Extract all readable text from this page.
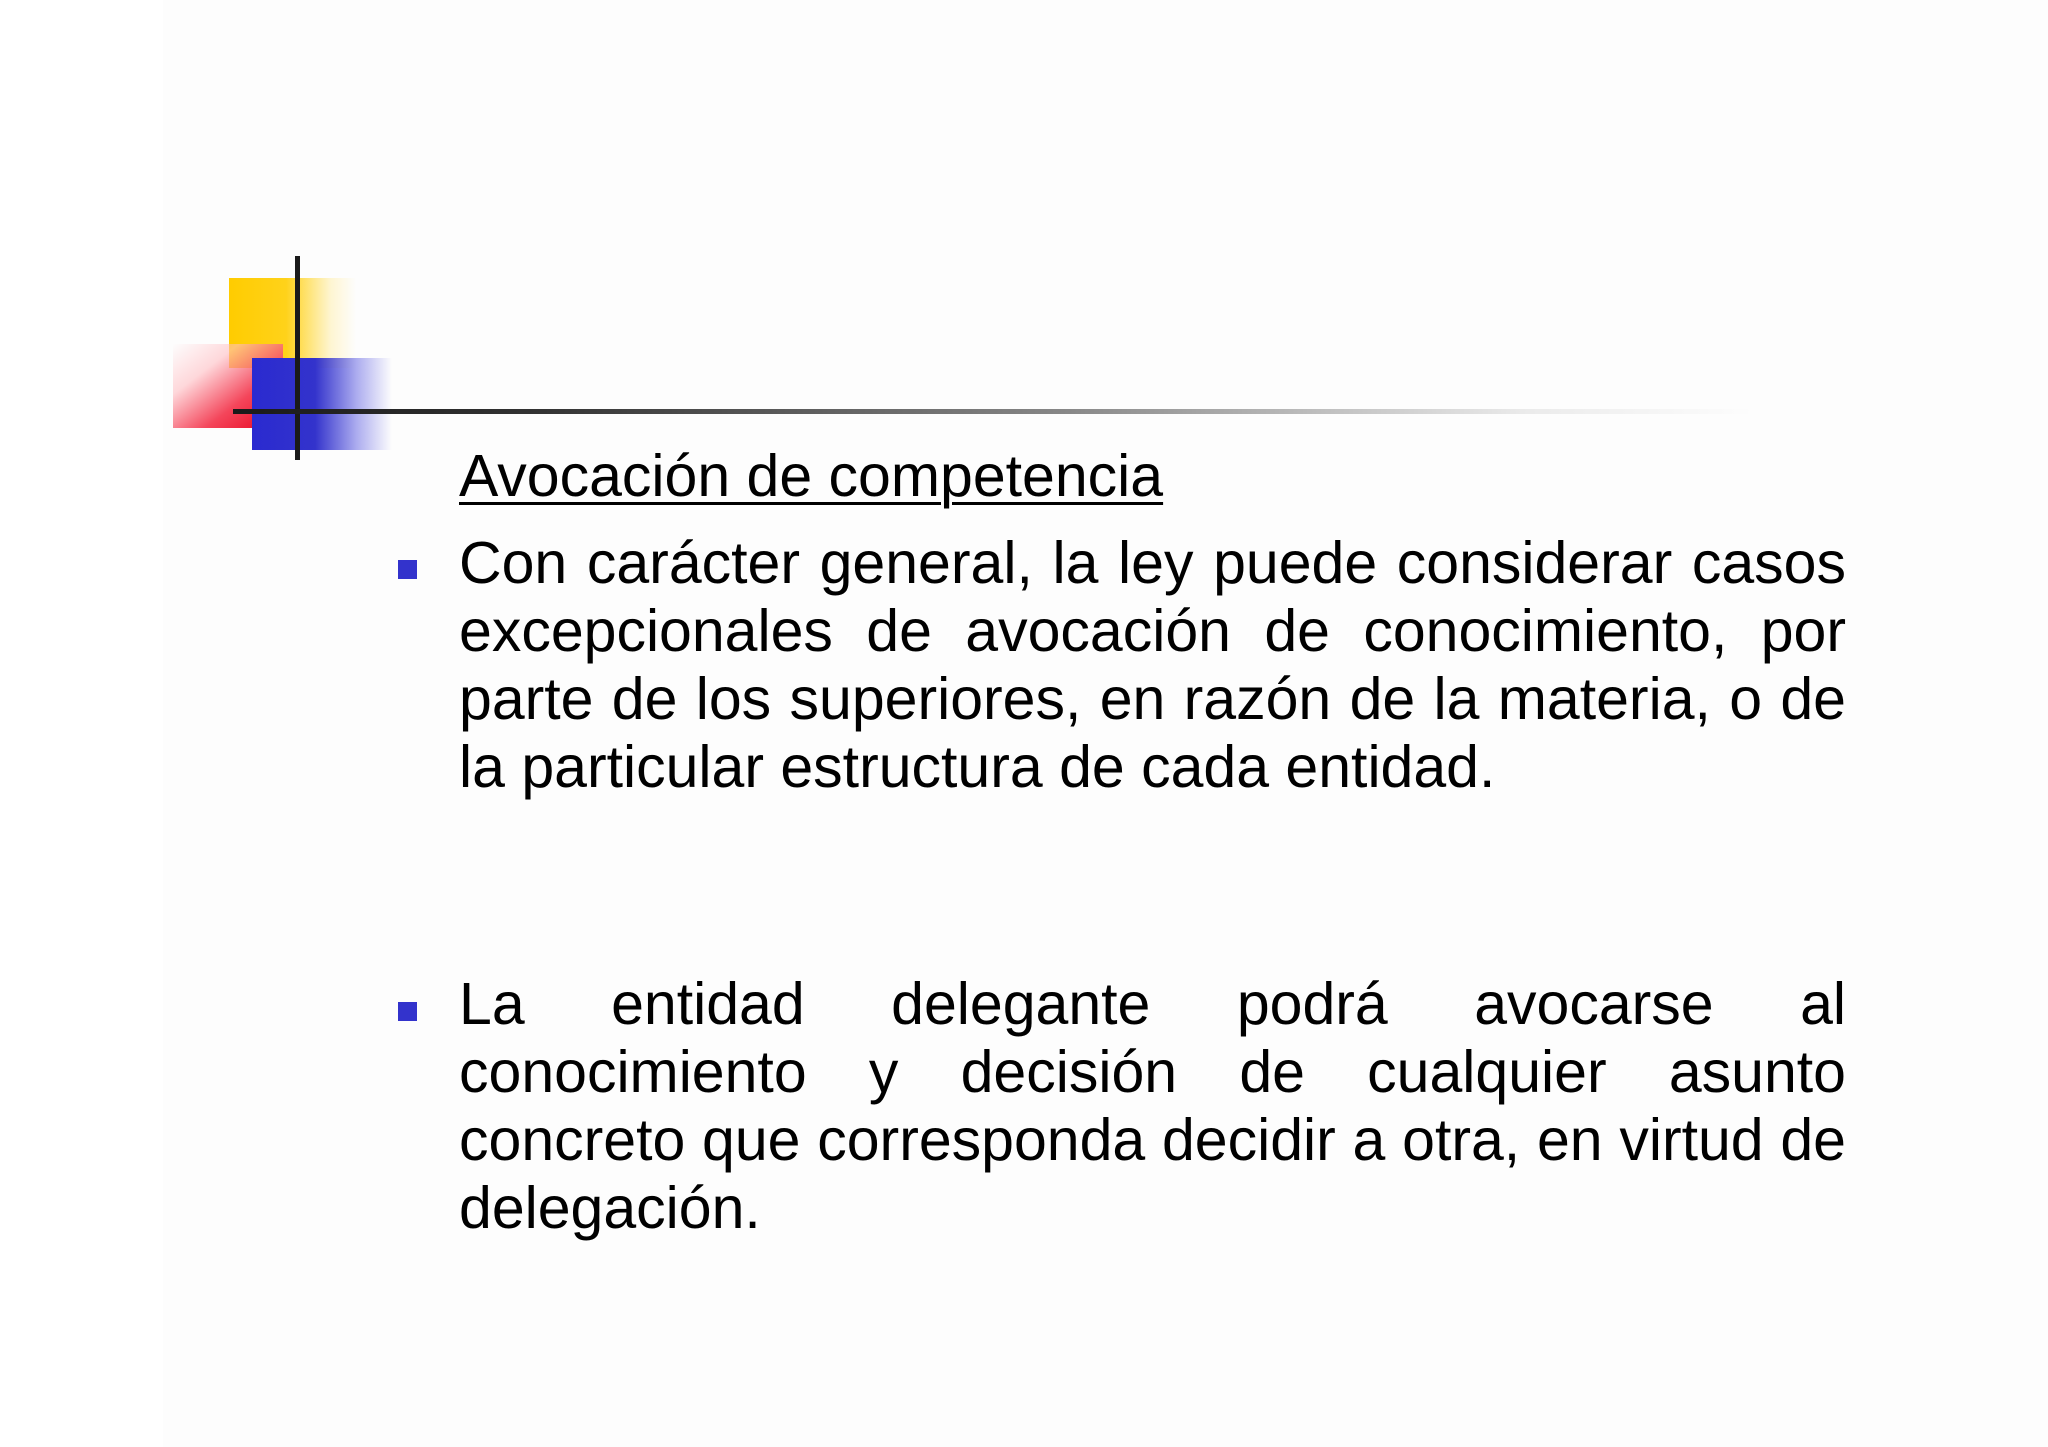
Avocación de competencia

Con carácter general, la ley puede considerar casos excepcionales de avocación de conocimiento, por parte de los superiores, en razón de la materia, o de la particular estructura de cada entidad.

La entidad delegante podrá avocarse al conocimiento y decisión de cualquier asunto concreto que corresponda decidir a otra, en virtud de delegación.
